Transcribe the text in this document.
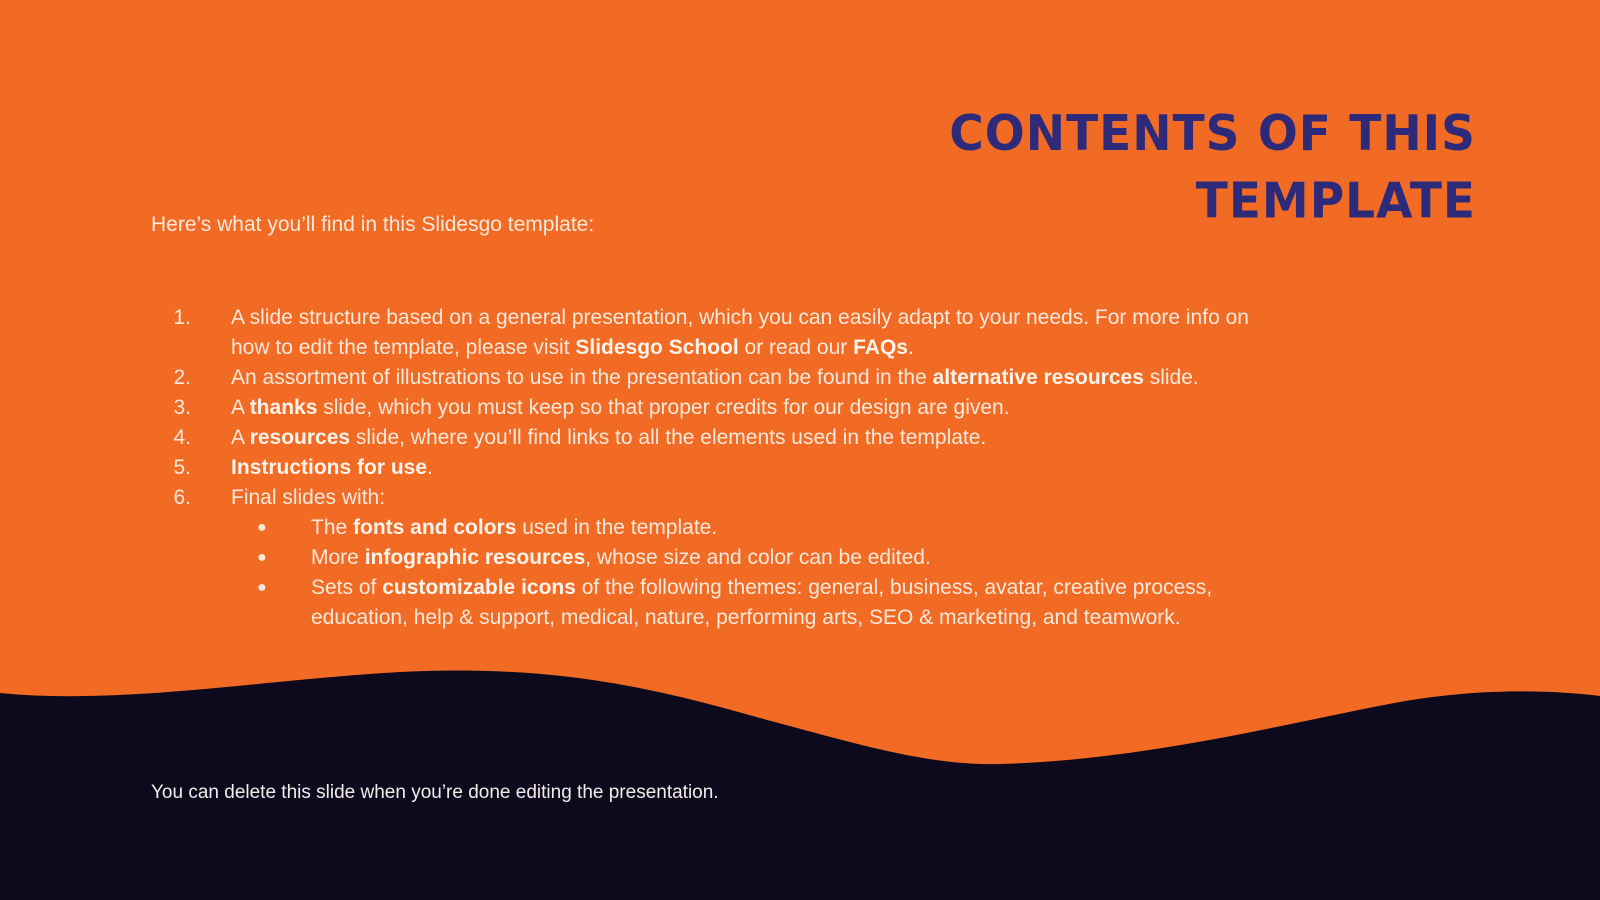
CONTENTS OF THIS
TEMPLATE

Here’s what you’ll find in this Slidesgo template:

1. A slide structure based on a general presentation, which you can easily adapt to your needs. For more info on how to edit the template, please visit Slidesgo School or read our FAQs.
2. An assortment of illustrations to use in the presentation can be found in the alternative resources slide.
3. A thanks slide, which you must keep so that proper credits for our design are given.
4. A resources slide, where you’ll find links to all the elements used in the template.
5. Instructions for use.
6. Final slides with:
● The fonts and colors used in the template.
● More infographic resources, whose size and color can be edited.
● Sets of customizable icons of the following themes: general, business, avatar, creative process, education, help & support, medical, nature, performing arts, SEO & marketing, and teamwork.

You can delete this slide when you’re done editing the presentation.
